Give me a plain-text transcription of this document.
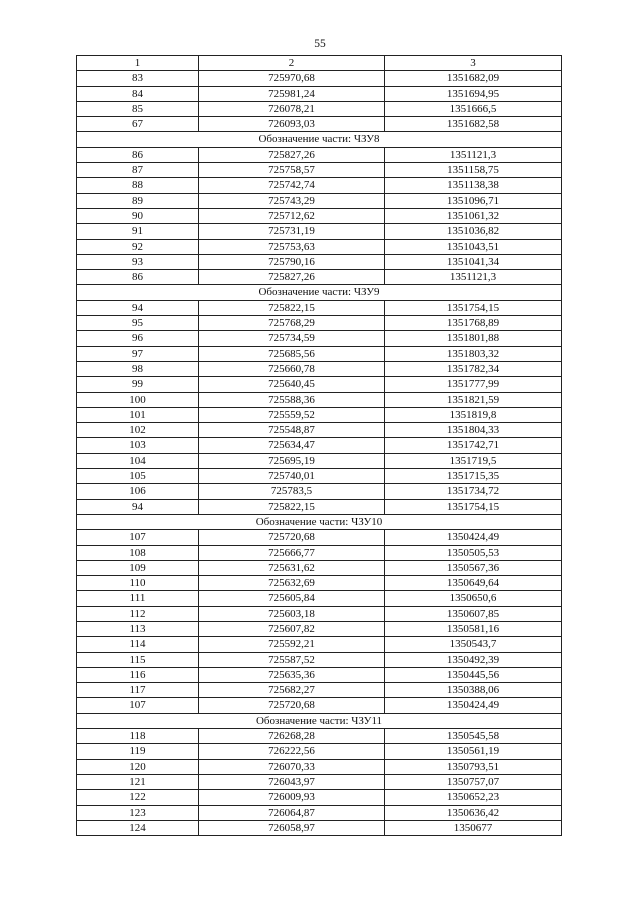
55
1	2	3
83	725970,68	1351682,09
84	725981,24	1351694,95
85	726078,21	1351666,5
67	726093,03	1351682,58
Обозначение части: ЧЗУ8		
86	725827,26	1351121,3
87	725758,57	1351158,75
88	725742,74	1351138,38
89	725743,29	1351096,71
90	725712,62	1351061,32
91	725731,19	1351036,82
92	725753,63	1351043,51
93	725790,16	1351041,34
86	725827,26	1351121,3
Обозначение части: ЧЗУ9		
94	725822,15	1351754,15
95	725768,29	1351768,89
96	725734,59	1351801,88
97	725685,56	1351803,32
98	725660,78	1351782,34
99	725640,45	1351777,99
100	725588,36	1351821,59
101	725559,52	1351819,8
102	725548,87	1351804,33
103	725634,47	1351742,71
104	725695,19	1351719,5
105	725740,01	1351715,35
106	725783,5	1351734,72
94	725822,15	1351754,15
Обозначение части: ЧЗУ10		
107	725720,68	1350424,49
108	725666,77	1350505,53
109	725631,62	1350567,36
110	725632,69	1350649,64
111	725605,84	1350650,6
112	725603,18	1350607,85
113	725607,82	1350581,16
114	725592,21	1350543,7
115	725587,52	1350492,39
116	725635,36	1350445,56
117	725682,27	1350388,06
107	725720,68	1350424,49
Обозначение части: ЧЗУ11		
118	726268,28	1350545,58
119	726222,56	1350561,19
120	726070,33	1350793,51
121	726043,97	1350757,07
122	726009,93	1350652,23
123	726064,87	1350636,42
124	726058,97	1350677
